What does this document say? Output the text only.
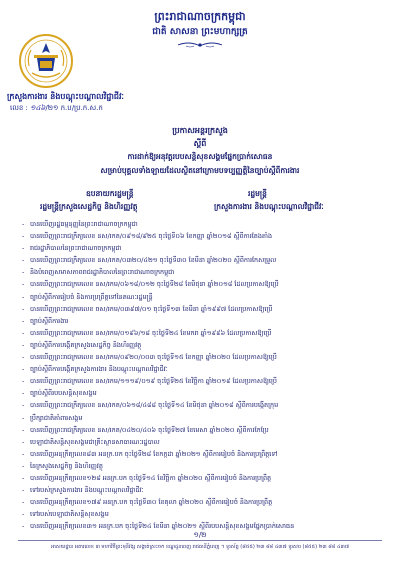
ព្រះរាជាណាចក្រកម្ពុជា
ជាតិ សាសនា ព្រះមហាក្សត្រ
ក្រសួងការងារ និងបណ្តុះបណ្តាលវិជ្ជាជីវៈ
លេខ : ១៤៦/២១ ក.ប/ប្រ.ក.ស.ក
ប្រកាសអន្តរក្រសួង
ស្តីពី
ការដាក់ឱ្យអនុវត្តរបបសន្តិសុខសង្គមផ្នែកប្រាក់សោធន
សម្រាប់បុគ្គលទាំងឡាយដែលស្ថិតនៅក្រោមបទប្បញ្ញត្តិនៃច្បាប់ស្តីពីការងារ
ឧបនាយករដ្ឋមន្ត្រី	រដ្ឋមន្ត្រី
រដ្ឋមន្ត្រីក្រសួងសេដ្ឋកិច្ច និងហិរញ្ញវត្ថុ	ក្រសួងការងារ និងបណ្តុះបណ្តាលវិជ្ជាជីវៈ
- បានឃើញរដ្ឋធម្មនុញ្ញនៃព្រះរាជាណាចក្រកម្ពុជា
- បានឃើញព្រះរាជក្រឹត្យលេខ នស/រកត/០៩១៨/៩២៥ ចុះថ្ងៃទី០៦ ខែកញ្ញា ឆ្នាំ២០១៨ ស្តីពីការតែងតាំង
- រាជរដ្ឋាភិបាលនៃព្រះរាជាណាចក្រកម្ពុជា
- បានឃើញព្រះរាជក្រឹត្យលេខ នស/រកត/០៣២០/៤២១ ចុះថ្ងៃទី៣០ ខែមីនា ឆ្នាំ២០២០ ស្តីពីការកែសម្រួល
- និងបំពេញសមាសភាពរាជរដ្ឋាភិបាលនៃព្រះរាជាណាចក្រកម្ពុជា
- បានឃើញព្រះរាជក្រមលេខ នស/រកម/០៦១៨/០១២ ចុះថ្ងៃទី២៨ ខែមិថុនា ឆ្នាំ២០១៨ ដែលប្រកាសឱ្យប្រើ
- ច្បាប់ស្តីពីការរៀបចំ និងការប្រព្រឹត្តទៅនៃគណៈរដ្ឋមន្ត្រី
- បានឃើញព្រះរាជក្រមលេខ ចស/រកម/០៣៩៧/០១ ចុះថ្ងៃទី១៣ ខែមីនា ឆ្នាំ១៩៩៧ ដែលប្រកាសឱ្យប្រើ
- ច្បាប់ស្តីពីការងារ
- បានឃើញព្រះរាជក្រមលេខ នស/រកម/០១៩៦/១៨ ចុះថ្ងៃទី២៤ ខែមករា ឆ្នាំ១៩៩៦ ដែលប្រកាសឱ្យប្រើ
- ច្បាប់ស្តីពីការបង្កើតក្រសួងសេដ្ឋកិច្ច និងហិរញ្ញវត្ថុ
- បានឃើញព្រះរាជក្រមលេខ នស/រកម/០៩២០/០០៣ ចុះថ្ងៃទី១៥ ខែកញ្ញា ឆ្នាំ២០២០ ដែលប្រកាសឱ្យប្រើ
- ច្បាប់ស្តីពីការបង្កើតក្រសួងការងារ និងបណ្តុះបណ្តាលវិជ្ជាជីវៈ
- បានឃើញព្រះរាជក្រមលេខ នស/រកម/១១១៩/០១៩ ចុះថ្ងៃទី២៥ ខែវិច្ឆិកា ឆ្នាំ២០១៩ ដែលប្រកាសឱ្យប្រើ
- ច្បាប់ស្តីពីរបបសន្តិសុខសង្គម
- បានឃើញព្រះរាជក្រឹត្យលេខ នស/រកត/០៦១៨/៤៨៨ ចុះថ្ងៃទី១៤ ខែមិថុនា ឆ្នាំ២០១៨ ស្តីពីការបង្កើតក្រុម
- ប្រឹក្សាជាតិគាំពារសង្គម
- បានឃើញព្រះរាជក្រឹត្យលេខ នស/រកត/០៤២០/៤០៦ ចុះថ្ងៃទី២៧ ខែមេសា ឆ្នាំ២០២០ ស្តីពីការកែប្រែ
- បេឡាជាតិសន្តិសុខសង្គមជាគ្រឹះស្ថានសាធារណៈរដ្ឋបាល
- បានឃើញអនុក្រឹត្យលេខ៨៣ អនក្រ.បក ចុះថ្ងៃទី២៨ ខែកក្កដា ឆ្នាំ២០២១ ស្តីពីការរៀបចំ និងការប្រព្រឹត្តទៅ
- នៃក្រសួងសេដ្ឋកិច្ច និងហិរញ្ញវត្ថុ
- បានឃើញអនុក្រឹត្យលេខ១២៨ អនក្រ.បក ចុះថ្ងៃទី១៤ ខែវិច្ឆិកា ឆ្នាំ២០២០ ស្តីពីការរៀបចំ និងការប្រព្រឹត្ត
- ទៅរបស់ក្រសួងការងារ និងបណ្តុះបណ្តាលវិជ្ជាជីវៈ
- បានឃើញអនុក្រឹត្យលេខ១៧៩ អនក្រ.បក ចុះថ្ងៃទី៣០ ខែតុលា ឆ្នាំ២០២០ ស្តីពីការរៀបចំ និងការប្រព្រឹត្ត
- ទៅរបស់បេឡាជាតិសន្តិសុខសង្គម
- បានឃើញអនុក្រឹត្យលេខ៣១ អនក្រ.បក ចុះថ្ងៃទី២៤ ខែមីនា ឆ្នាំ២០២១ ស្តីពីរបបសន្តិសុខសង្គមផ្នែកប្រាក់សោធន
១/២
អាសយដ្ឋាន អគារលេខ ៣ មហាវិថីព្រះមុនីវង្ស សង្កាត់ស្រះចក ខណ្ឌដូនពេញ រាជធានីភ្នំពេញ ។ ទូរស័ព្ទ (៨៥៥) ២៣ ៨៨ ៤៣៧ ទូរសារ (៨៥៥) ២៣ ៨៨ ៤៣៧
